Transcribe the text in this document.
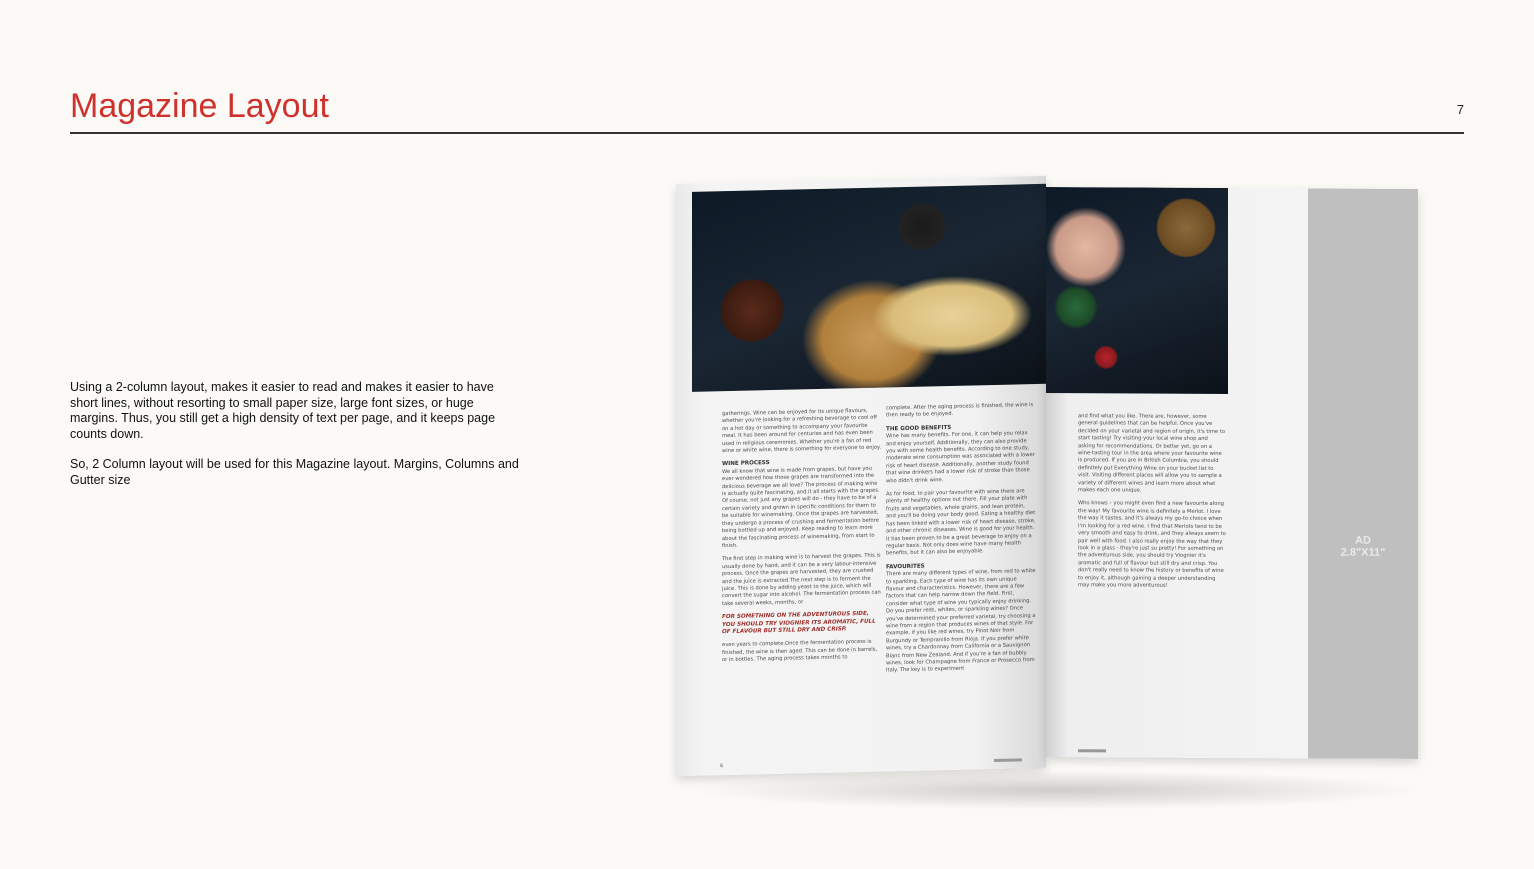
Magazine Layout	7

Using a 2-column layout, makes it easier to read and makes it easier to have short lines, without resorting to small paper size, large font sizes, or huge margins. Thus, you still get a high density of text per page, and it keeps page counts down.

So, 2 Column layout will be used for this Magazine layout. Margins, Columns and Gutter size

gatherings. Wine can be enjoyed for its unique flavours, whether you're looking for a refreshing beverage to cool off on a hot day or something to accompany your favourite meal. It has been around for centuries and has even been used in religious ceremonies. Whether you're a fan of red wine or white wine, there is something for everyone to enjoy.
WINE PROCESS
We all know that wine is made from grapes, but have you ever wondered how those grapes are transformed into the delicious beverage we all love? The process of making wine is actually quite fascinating, and it all starts with the grapes. Of course, not just any grapes will do - they have to be of a certain variety and grown in specific conditions for them to be suitable for winemaking. Once the grapes are harvested, they undergo a process of crushing and fermentation before being bottled up and enjoyed. Keep reading to learn more about the fascinating process of winemaking, from start to finish.
The first step in making wine is to harvest the grapes. This is usually done by hand, and it can be a very labour-intensive process. Once the grapes are harvested, they are crushed and the juice is extracted.The next step is to ferment the juice. This is done by adding yeast to the juice, which will convert the sugar into alcohol. The fermentation process can take several weeks, months, or
FOR SOMETHING ON THE ADVENTUROUS SIDE, YOU SHOULD TRY VIOGNIER ITS AROMATIC, FULL OF FLAVOUR BUT STILL DRY AND CRISP.
even years to complete.Once the fermentation process is finished, the wine is then aged. This can be done in barrels, or in bottles. The aging process takes months to
complete. After the aging process is finished, the wine is then ready to be enjoyed.
THE GOOD BENEFITS
Wine has many benefits. For one, it can help you relax and enjoy yourself. Additionally, they can also provide you with some health benefits. According to one study, moderate wine consumption was associated with a lower risk of heart disease. Additionally, another study found that wine drinkers had a lower risk of stroke than those who didn't drink wine.
As for food, to pair your favourite with wine there are plenty of healthy options out there. Fill your plate with fruits and vegetables, whole grains, and lean protein, and you'll be doing your body good. Eating a healthy diet has been linked with a lower risk of heart disease, stroke, and other chronic diseases. Wine is good for your health. It has been proven to be a great beverage to enjoy on a regular basis. Not only does wine have many health benefits, but it can also be enjoyable.
FAVOURITES
There are many different types of wine, from red to white to sparkling. Each type of wine has its own unique flavour and characteristics. However, there are a few factors that can help narrow down the field. First, consider what type of wine you typically enjoy drinking. Do you prefer reds, whites, or sparkling wines? Once you've determined your preferred varietal, try choosing a wine from a region that produces wines of that style. For example, if you like red wines, try Pinot Noir from Burgundy or Tempranillo from Rioja. If you prefer white wines, try a Chardonnay from California or a Sauvignon Blanc from New Zealand. And if you're a fan of bubbly wines, look for Champagne from France or Prosecco from Italy. The key is to experiment
6
and find what you like. There are, however, some general guidelines that can be helpful. Once you've decided on your varietal and region of origin, it's time to start tasting! Try visiting your local wine shop and asking for recommendations. Or better yet, go on a wine-tasting tour in the area where your favourite wine is produced. If you are in British Columbia, you should definitely put Everything Wine on your bucket list to visit. Visiting different places will allow you to sample a variety of different wines and learn more about what makes each one unique.
Who knows – you might even find a new favourite along the way! My favourite wine is definitely a Merlot. I love the way it tastes, and it's always my go-to choice when I'm looking for a red wine. I find that Merlots tend to be very smooth and easy to drink, and they always seem to pair well with food. I also really enjoy the way that they look in a glass - they're just so pretty! For something on the adventurous side, you should try Viognier it's aromatic and full of flavour but still dry and crisp. You don't really need to know the history or benefits of wine to enjoy it, although gaining a deeper understanding may make you more adventurous!
AD
2.8"X11"
